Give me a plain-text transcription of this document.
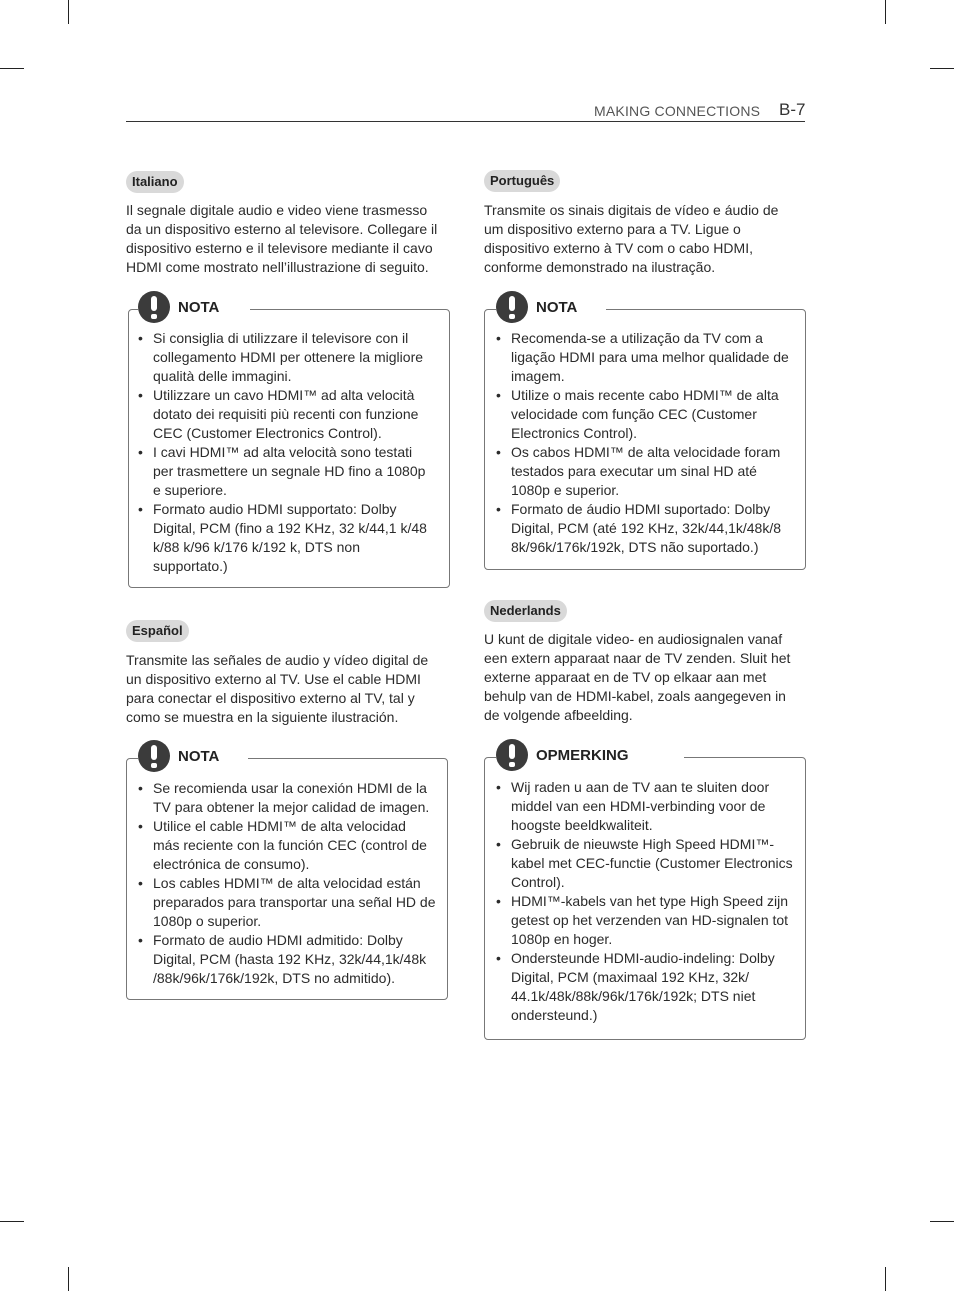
MAKING CONNECTIONS B-7
Italiano
Il segnale digitale audio e video viene trasmesso da un dispositivo esterno al televisore. Collegare il dispositivo esterno e il televisore mediante il cavo HDMI come mostrato nell’illustrazione di seguito.
NOTA
• Si consiglia di utilizzare il televisore con il collegamento HDMI per ottenere la migliore qualità delle immagini.
• Utilizzare un cavo HDMI™ ad alta velocità dotato dei requisiti più recenti con funzione CEC (Customer Electronics Control).
• I cavi HDMI™ ad alta velocità sono testati per trasmettere un segnale HD fino a 1080p e superiore.
• Formato audio HDMI supportato: Dolby Digital, PCM (fino a 192 KHz, 32 k/44,1 k/48 k/88 k/96 k/176 k/192 k, DTS non supportato.)
Español
Transmite las señales de audio y vídeo digital de un dispositivo externo al TV. Use el cable HDMI para conectar el dispositivo externo al TV, tal y como se muestra en la siguiente ilustración.
NOTA
• Se recomienda usar la conexión HDMI de la TV para obtener la mejor calidad de imagen.
• Utilice el cable HDMI™ de alta velocidad más reciente con la función CEC (control de electrónica de consumo).
• Los cables HDMI™ de alta velocidad están preparados para transportar una señal HD de 1080p o superior.
• Formato de audio HDMI admitido: Dolby Digital, PCM (hasta 192 KHz, 32k/44,1k/48k /88k/96k/176k/192k, DTS no admitido).
Português
Transmite os sinais digitais de vídeo e áudio de um dispositivo externo para a TV. Ligue o dispositivo externo à TV com o cabo HDMI, conforme demonstrado na ilustração.
NOTA
• Recomenda-se a utilização da TV com a ligação HDMI para uma melhor qualidade de imagem.
• Utilize o mais recente cabo HDMI™ de alta velocidade com função CEC (Customer Electronics Control).
• Os cabos HDMI™ de alta velocidade foram testados para executar um sinal HD até 1080p e superior.
• Formato de áudio HDMI suportado: Dolby Digital, PCM (até 192 KHz, 32k/44,1k/48k/8 8k/96k/176k/192k, DTS não suportado.)
Nederlands
U kunt de digitale video- en audiosignalen vanaf een extern apparaat naar de TV zenden. Sluit het externe apparaat en de TV op elkaar aan met behulp van de HDMI-kabel, zoals aangegeven in de volgende afbeelding.
OPMERKING
• Wij raden u aan de TV aan te sluiten door middel van een HDMI-verbinding voor de hoogste beeldkwaliteit.
• Gebruik de nieuwste High Speed HDMI™-kabel met CEC-functie (Customer Electronics Control).
• HDMI™-kabels van het type High Speed zijn getest op het verzenden van HD-signalen tot 1080p en hoger.
• Ondersteunde HDMI-audio-indeling: Dolby Digital, PCM (maximaal 192 KHz, 32k/ 44.1k/48k/88k/96k/176k/192k; DTS niet ondersteund.)
